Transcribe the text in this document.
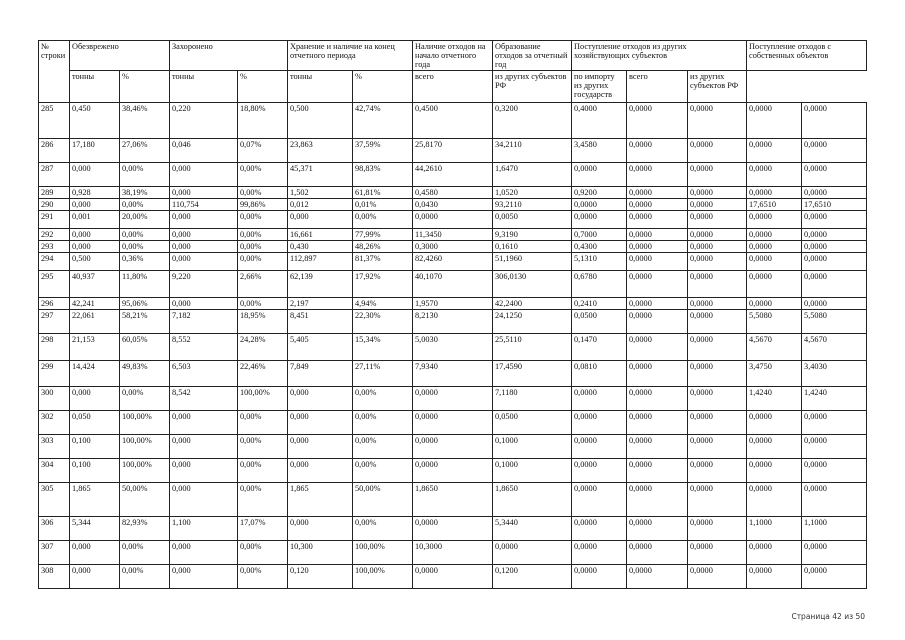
№ строки	Обезврежено		Захоронено		Хранение и наличие на конец отчетного периода		Наличие отходов на начало отчетного года	Образование отходов за отчетный год	Поступление отходов из других хозяйствующих субъектов			Поступление отходов с собственных объектов	
	тонны	%	тонны	%	тонны	%	всего	из других субъектов РФ	по импорту из других государств	всего	из других субъектов РФ		
285	0,450	38,46%	0,220	18,80%	0,500	42,74%	0,4500	0,3200	0,4000	0,0000	0,0000	0,0000	0,0000
286	17,180	27,06%	0,046	0,07%	23,863	37,59%	25,8170	34,2110	3,4580	0,0000	0,0000	0,0000	0,0000
287	0,000	0,00%	0,000	0,00%	45,371	98,83%	44,2610	1,6470	0,0000	0,0000	0,0000	0,0000	0,0000
289	0,928	38,19%	0,000	0,00%	1,502	61,81%	0,4580	1,0520	0,9200	0,0000	0,0000	0,0000	0,0000
290	0,000	0,00%	110,754	99,86%	0,012	0,01%	0,0430	93,2110	0,0000	0,0000	0,0000	17,6510	17,6510
291	0,001	20,00%	0,000	0,00%	0,000	0,00%	0,0000	0,0050	0,0000	0,0000	0,0000	0,0000	0,0000
292	0,000	0,00%	0,000	0,00%	16,661	77,99%	11,3450	9,3190	0,7000	0,0000	0,0000	0,0000	0,0000
293	0,000	0,00%	0,000	0,00%	0,430	48,26%	0,3000	0,1610	0,4300	0,0000	0,0000	0,0000	0,0000
294	0,500	0,36%	0,000	0,00%	112,897	81,37%	82,4260	51,1960	5,1310	0,0000	0,0000	0,0000	0,0000
295	40,937	11,80%	9,220	2,66%	62,139	17,92%	40,1070	306,0130	0,6780	0,0000	0,0000	0,0000	0,0000
296	42,241	95,06%	0,000	0,00%	2,197	4,94%	1,9570	42,2400	0,2410	0,0000	0,0000	0,0000	0,0000
297	22,061	58,21%	7,182	18,95%	8,451	22,30%	8,2130	24,1250	0,0500	0,0000	0,0000	5,5080	5,5080
298	21,153	60,05%	8,552	24,28%	5,405	15,34%	5,0030	25,5110	0,1470	0,0000	0,0000	4,5670	4,5670
299	14,424	49,83%	6,503	22,46%	7,849	27,11%	7,9340	17,4590	0,0810	0,0000	0,0000	3,4750	3,4030
300	0,000	0,00%	8,542	100,00%	0,000	0,00%	0,0000	7,1180	0,0000	0,0000	0,0000	1,4240	1,4240
302	0,050	100,00%	0,000	0,00%	0,000	0,00%	0,0000	0,0500	0,0000	0,0000	0,0000	0,0000	0,0000
303	0,100	100,00%	0,000	0,00%	0,000	0,00%	0,0000	0,1000	0,0000	0,0000	0,0000	0,0000	0,0000
304	0,100	100,00%	0,000	0,00%	0,000	0,00%	0,0000	0,1000	0,0000	0,0000	0,0000	0,0000	0,0000
305	1,865	50,00%	0,000	0,00%	1,865	50,00%	1,8650	1,8650	0,0000	0,0000	0,0000	0,0000	0,0000
306	5,344	82,93%	1,100	17,07%	0,000	0,00%	0,0000	5,3440	0,0000	0,0000	0,0000	1,1000	1,1000
307	0,000	0,00%	0,000	0,00%	10,300	100,00%	10,3000	0,0000	0,0000	0,0000	0,0000	0,0000	0,0000
308	0,000	0,00%	0,000	0,00%	0,120	100,00%	0,0000	0,1200	0,0000	0,0000	0,0000	0,0000	0,0000
Страница 42 из 50
